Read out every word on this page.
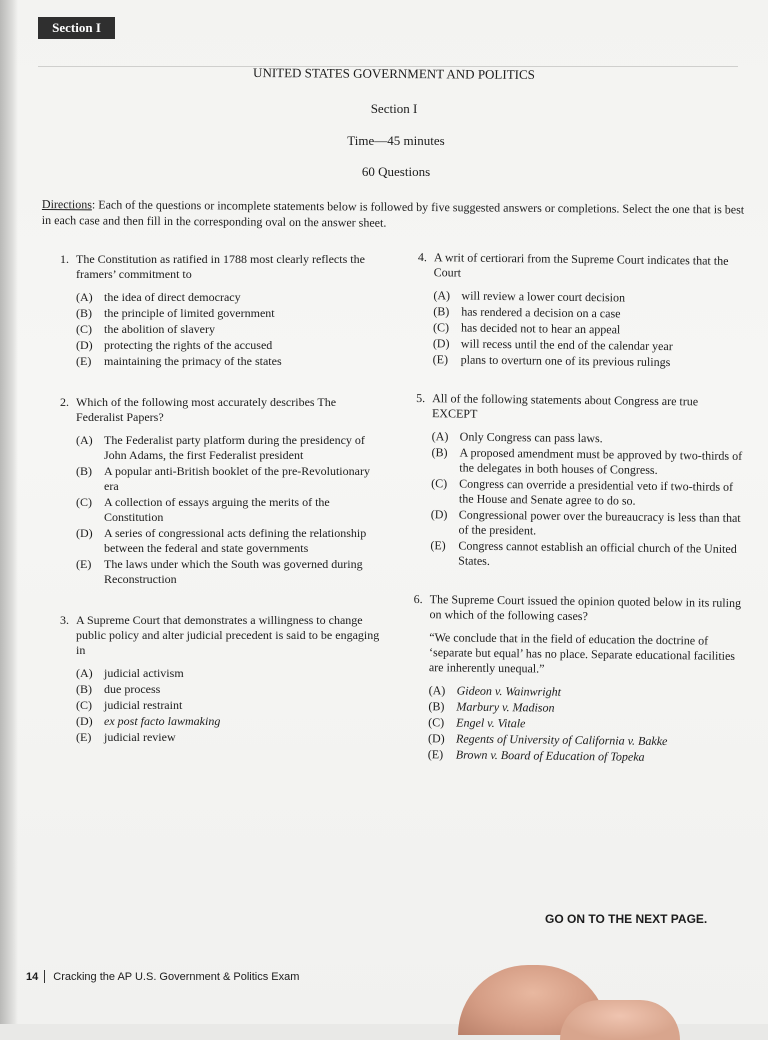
Section I
UNITED STATES GOVERNMENT AND POLITICS
Section I
Time—45 minutes
60 Questions
Directions: Each of the questions or incomplete statements below is followed by five suggested answers or completions. Select the one that is best in each case and then fill in the corresponding oval on the answer sheet.
1. The Constitution as ratified in 1788 most clearly reflects the framers’ commitment to
(A) the idea of direct democracy
(B)	the principle of limited government
(C)	the abolition of slavery
(D) protecting the rights of the accused
(E)	maintaining the primacy of the states
2. Which of the following most accurately describes The Federalist Papers?
(A) The Federalist party platform during the presidency of John Adams, the first Federalist president
(B)	A popular anti-British booklet of the pre-Revolutionary era
(C)	A collection of essays arguing the merits of the Constitution
(D) A series of congressional acts defining the relationship between the federal and state governments
(E)	The laws under which the South was governed during Reconstruction
3. A Supreme Court that demonstrates a willingness to change public policy and alter judicial precedent is said to be engaging in
(A) judicial activism
(B)	due process
(C)	judicial restraint
(D) ex post facto lawmaking
(E)	judicial review
4. A writ of certiorari from the Supreme Court indicates that the Court
(A) will review a lower court decision
(B) has rendered a decision on a case
(C) has decided not to hear an appeal
(D) will recess until the end of the calendar year
(E)	plans to overturn one of its previous rulings
5. All of the following statements about Congress are true EXCEPT
(A) Only Congress can pass laws.
(B) A proposed amendment must be approved by two-thirds of the delegates in both houses of Congress.
(C) Congress can override a presidential veto if two-thirds of the House and Senate agree to do so.
(D) Congressional power over the bureaucracy is less than that of the president.
(E)	Congress cannot establish an official church of the United States.
6. The Supreme Court issued the opinion quoted below in its ruling on which of the following cases?
“We conclude that in the field of education the doctrine of ‘separate but equal’ has no place. Separate educational facilities are inherently unequal.”
(A) Gideon v. Wainwright
(B) Marbury v. Madison
(C) Engel v. Vitale
(D) Regents of University of California v. Bakke
(E)	Brown v. Board of Education of Topeka
GO ON TO THE NEXT PAGE.
14 Cracking the AP U.S. Government & Politics Exam
